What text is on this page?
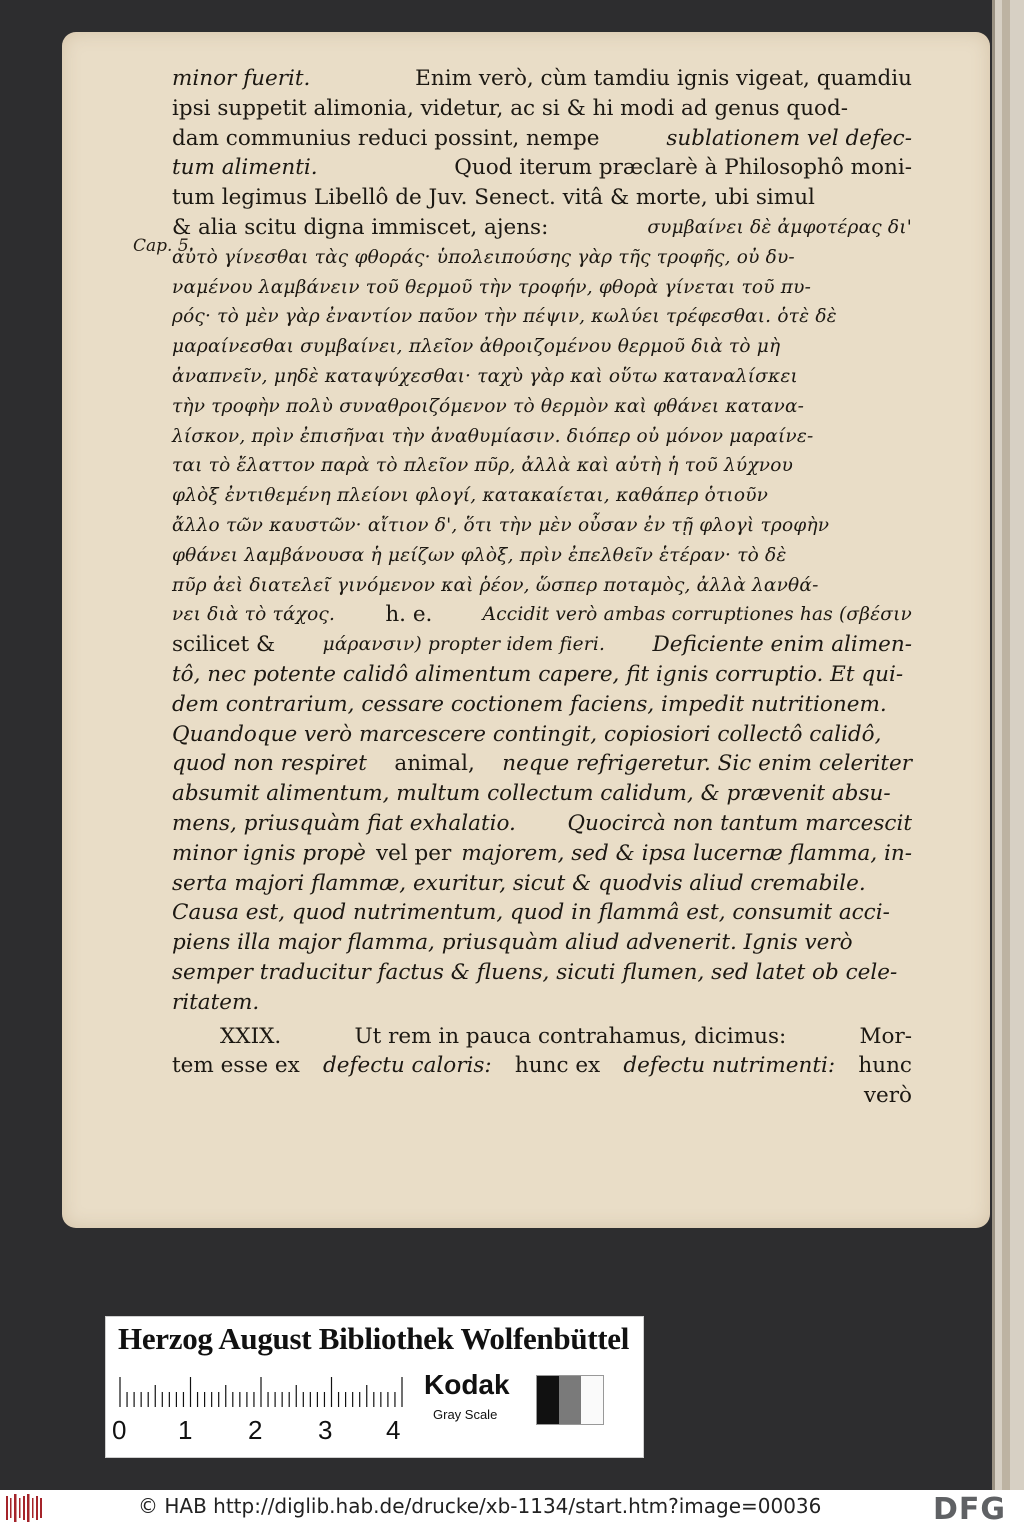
Cap. 5.
minor fuerit.	Enim verò, cùm tamdiu ignis vigeat, quamdiu
ipsi suppetit alimonia, videtur, ac si & hi modi ad genus quod-
dam communius reduci possint, nempe	sublationem vel defec-
tum alimenti.	Quod iterum præclarè à Philosophô moni-
tum legimus Libellô de Juv. Senect. vitâ & morte, ubi simul
& alia scitu digna immiscet, ajens:	συμβαίνει δὲ ἀμφοτέρας δι'
αὐτὸ γίνεσθαι τὰς φθοράς· ὑπολειπούσης γὰρ τῆς τροφῆς, οὐ δυ-
ναμένου λαμβάνειν τοῦ θερμοῦ τὴν τροφήν, φθορὰ γίνεται τοῦ πυ-
ρός· τὸ μὲν γὰρ ἐναντίον παῦον τὴν πέψιν, κωλύει τρέφεσθαι. ὁτὲ δὲ
μαραίνεσθαι συμβαίνει, πλεῖον ἀθροιζομένου θερμοῦ διὰ τὸ μὴ
ἀναπνεῖν, μηδὲ καταψύχεσθαι· ταχὺ γὰρ καὶ οὕτω καταναλίσκει
τὴν τροφὴν πολὺ συναθροιζόμενον τὸ θερμὸν καὶ φθάνει κατανα-
λίσκον, πρὶν ἐπισῆναι τὴν ἀναθυμίασιν. διόπερ οὐ μόνον μαραίνε-
ται τὸ ἔλαττον παρὰ τὸ πλεῖον πῦρ, ἀλλὰ καὶ αὐτὴ ἡ τοῦ λύχνου
φλὸξ ἐντιθεμένη πλείονι φλογί, κατακαίεται, καθάπερ ὁτιοῦν
ἄλλο τῶν καυστῶν· αἴτιον δ', ὅτι τὴν μὲν οὖσαν ἐν τῇ φλογὶ τροφὴν
φθάνει λαμβάνουσα ἡ μείζων φλὸξ, πρὶν ἐπελθεῖν ἑτέραν· τὸ δὲ
πῦρ ἀεὶ διατελεῖ γινόμενον καὶ ῥέον, ὥσπερ ποταμὸς, ἀλλὰ λανθά-
νει διὰ τὸ τάχος. h. e.	Accidit verò ambas corruptiones has (σβέσιν
scilicet &	μάρανσιν) propter idem fieri. Deficiente enim alimen-
tô, nec potente calidô alimentum capere, fit ignis corruptio. Et qui-
dem contrarium, cessare coctionem faciens, impedit nutritionem.
Quandoque verò marcescere contingit, copiosiori collectô calidô,
quod non respiret animal, neque refrigeretur. Sic enim celeriter
absumit alimentum, multum collectum calidum, & prævenit absu-
mens, priusquàm fiat exhalatio. Quocircà non tantum marcescit
minor ignis propè vel per majorem, sed & ipsa lucernæ flamma, in-
serta majori flammæ, exuritur, sicut & quodvis aliud cremabile.
Causa est, quod nutrimentum, quod in flammâ est, consumit acci-
piens illa major flamma, priusquàm aliud advenerit. Ignis verò
semper traducitur factus & fluens, sicuti flumen, sed latet ob cele-
ritatem.
XXIX.	Ut rem in pauca contrahamus, dicimus:	Mor-
tem esse ex defectu caloris: hunc ex defectu nutrimenti: hunc
verò
Herzog August Bibliothek Wolfenbüttel
0 1 2 3 4
Kodak
Gray Scale
© HAB http://diglib.hab.de/drucke/xb-1134/start.htm?image=00036	DFG
